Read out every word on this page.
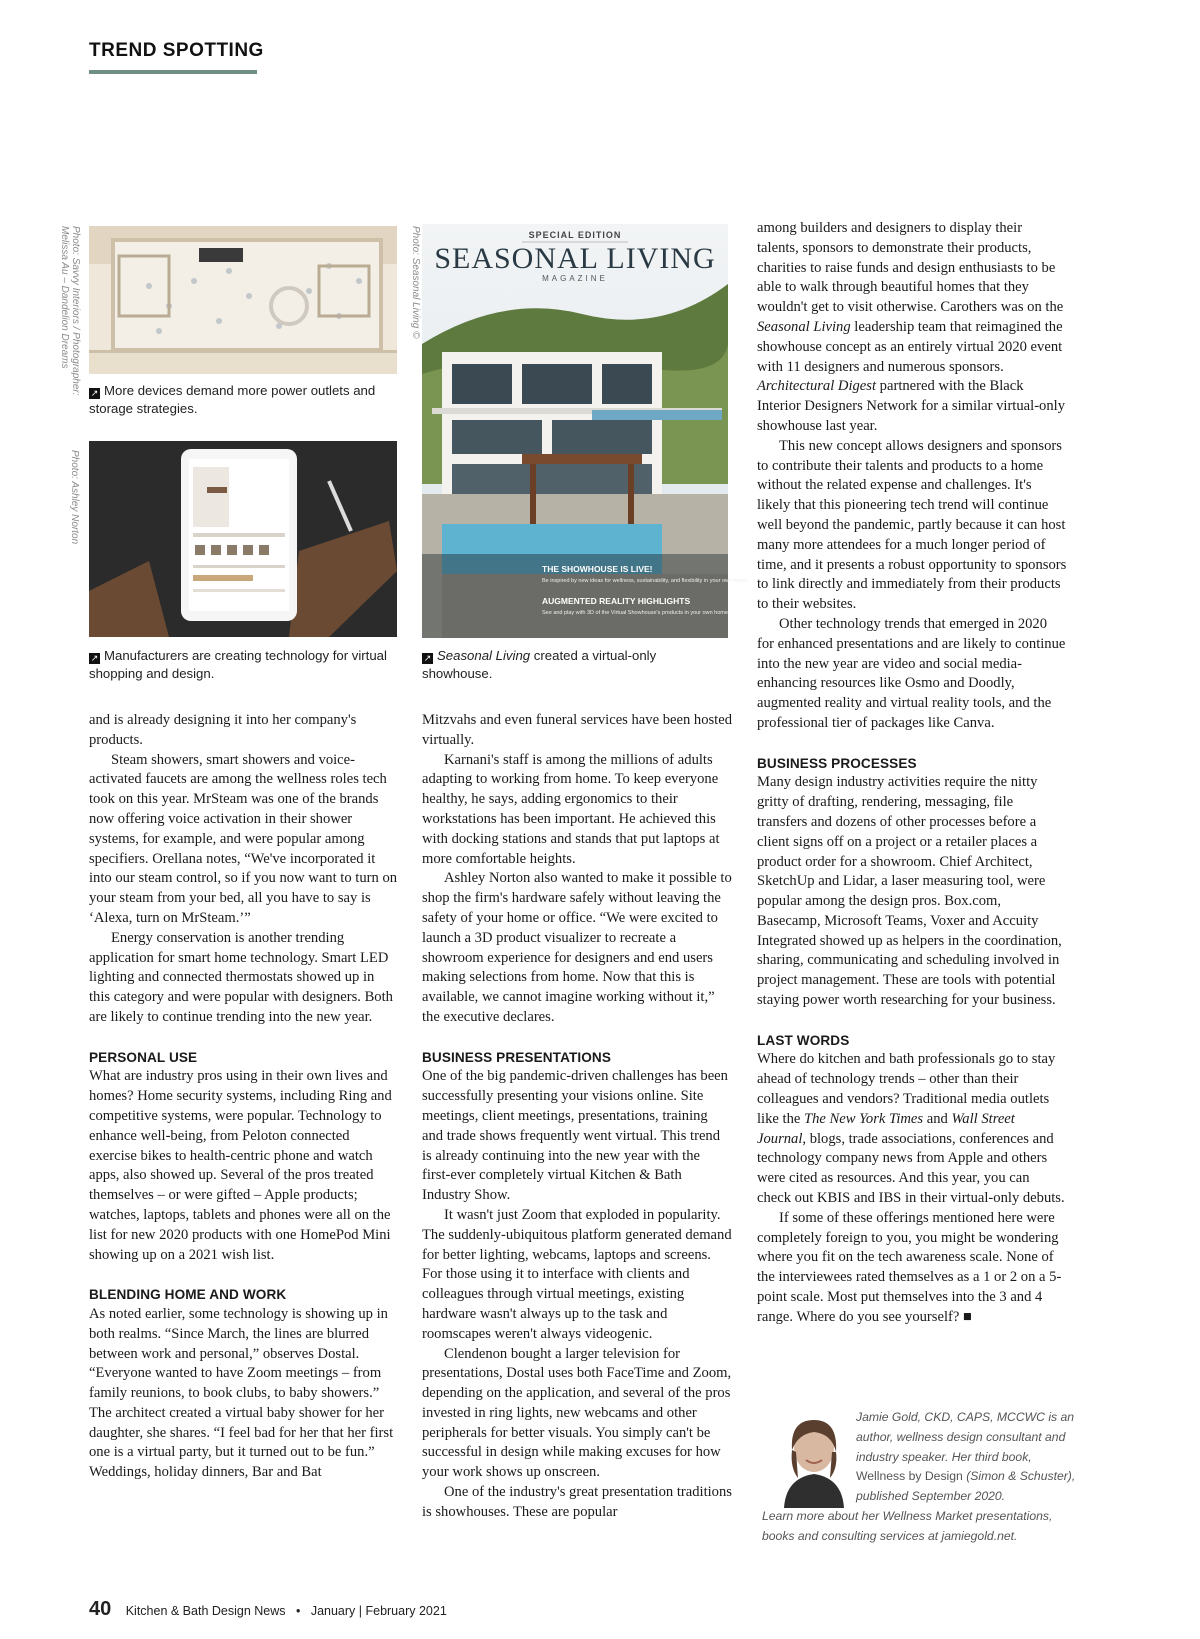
TREND SPOTTING
Photo: Savvy Interiors / Photographer:
Melissa Au – Dandelion Dreams
Photo: Ashley Norton
Photo: Seasonal Living ©
↗ More devices demand more power outlets and storage strategies.
↗ Manufacturers are creating technology for virtual shopping and design.
SPECIAL EDITION
SEASONAL LIVING
MAGAZINE
THE SHOWHOUSE IS LIVE!
Be inspired by new ideas for wellness, sustainability, and flexibility in your own home.
AUGMENTED REALITY HIGHLIGHTS
See and play with 3D of the Virtual Showhouse's products in your own home
↗ Seasonal Living created a virtual-only showhouse.

and is already designing it into her company's products.

Steam showers, smart showers and voice-activated faucets are among the wellness roles tech took on this year. MrSteam was one of the brands now offering voice activation in their shower systems, for example, and were popular among specifiers. Orellana notes, “We've incorporated it into our steam control, so if you now want to turn on your steam from your bed, all you have to say is ‘Alexa, turn on MrSteam.’”

Energy conservation is another trending application for smart home technology. Smart LED lighting and connected thermostats showed up in this category and were popular with designers. Both are likely to continue trending into the new year.

PERSONAL USE

What are industry pros using in their own lives and homes? Home security systems, including Ring and competitive systems, were popular. Technology to enhance well-being, from Peloton connected exercise bikes to health-centric phone and watch apps, also showed up. Several of the pros treated themselves – or were gifted – Apple products; watches, laptops, tablets and phones were all on the list for new 2020 products with one HomePod Mini showing up on a 2021 wish list.

BLENDING HOME AND WORK

As noted earlier, some technology is showing up in both realms. “Since March, the lines are blurred between work and personal,” observes Dostal. “Everyone wanted to have Zoom meetings – from family reunions, to book clubs, to baby showers.” The architect created a virtual baby shower for her daughter, she shares. “I feel bad for her that her first one is a virtual party, but it turned out to be fun.” Weddings, holiday dinners, Bar and Bat

Mitzvahs and even funeral services have been hosted virtually.

Karnani's staff is among the millions of adults adapting to working from home. To keep everyone healthy, he says, adding ergonomics to their workstations has been important. He achieved this with docking stations and stands that put laptops at more comfortable heights.

Ashley Norton also wanted to make it possible to shop the firm's hardware safely without leaving the safety of your home or office. “We were excited to launch a 3D product visualizer to recreate a showroom experience for designers and end users making selections from home. Now that this is available, we cannot imagine working without it,” the executive declares.

BUSINESS PRESENTATIONS

One of the big pandemic-driven challenges has been successfully presenting your visions online. Site meetings, client meetings, presentations, training and trade shows frequently went virtual. This trend is already continuing into the new year with the first-ever completely virtual Kitchen & Bath Industry Show.

It wasn't just Zoom that exploded in popularity. The suddenly-ubiquitous platform generated demand for better lighting, webcams, laptops and screens. For those using it to interface with clients and colleagues through virtual meetings, existing hardware wasn't always up to the task and roomscapes weren't always videogenic.

Clendenon bought a larger television for presentations, Dostal uses both FaceTime and Zoom, depending on the application, and several of the pros invested in ring lights, new webcams and other peripherals for better visuals. You simply can't be successful in design while making excuses for how your work shows up onscreen.

One of the industry's great presentation traditions is showhouses. These are popular

among builders and designers to display their talents, sponsors to demonstrate their products, charities to raise funds and design enthusiasts to be able to walk through beautiful homes that they wouldn't get to visit otherwise. Carothers was on the Seasonal Living leadership team that reimagined the showhouse concept as an entirely virtual 2020 event with 11 designers and numerous sponsors. Architectural Digest partnered with the Black Interior Designers Network for a similar virtual-only showhouse last year.

This new concept allows designers and sponsors to contribute their talents and products to a home without the related expense and challenges. It's likely that this pioneering tech trend will continue well beyond the pandemic, partly because it can host many more attendees for a much longer period of time, and it presents a robust opportunity to sponsors to link directly and immediately from their products to their websites.

Other technology trends that emerged in 2020 for enhanced presentations and are likely to continue into the new year are video and social media-enhancing resources like Osmo and Doodly, augmented reality and virtual reality tools, and the professional tier of packages like Canva.

BUSINESS PROCESSES

Many design industry activities require the nitty gritty of drafting, rendering, messaging, file transfers and dozens of other processes before a client signs off on a project or a retailer places a product order for a showroom. Chief Architect, SketchUp and Lidar, a laser measuring tool, were popular among the design pros. Box.com, Basecamp, Microsoft Teams, Voxer and Accuity Integrated showed up as helpers in the coordination, sharing, communicating and scheduling involved in project management. These are tools with potential staying power worth researching for your business.

LAST WORDS

Where do kitchen and bath professionals go to stay ahead of technology trends – other than their colleagues and vendors? Traditional media outlets like the The New York Times and Wall Street Journal, blogs, trade associations, conferences and technology company news from Apple and others were cited as resources. And this year, you can check out KBIS and IBS in their virtual-only debuts.

If some of these offerings mentioned here were completely foreign to you, you might be wondering where you fit on the tech awareness scale. None of the interviewees rated themselves as a 1 or 2 on a 5-point scale. Most put themselves into the 3 and 4 range. Where do you see yourself? ■

Jamie Gold, CKD, CAPS, MCCWC is an author, wellness design consultant and industry speaker. Her third book, Wellness by Design (Simon & Schuster), published September 2020.
Learn more about her Wellness Market presentations, books and consulting services at jamiegold.net.
40 Kitchen & Bath Design News • January | February 2021
